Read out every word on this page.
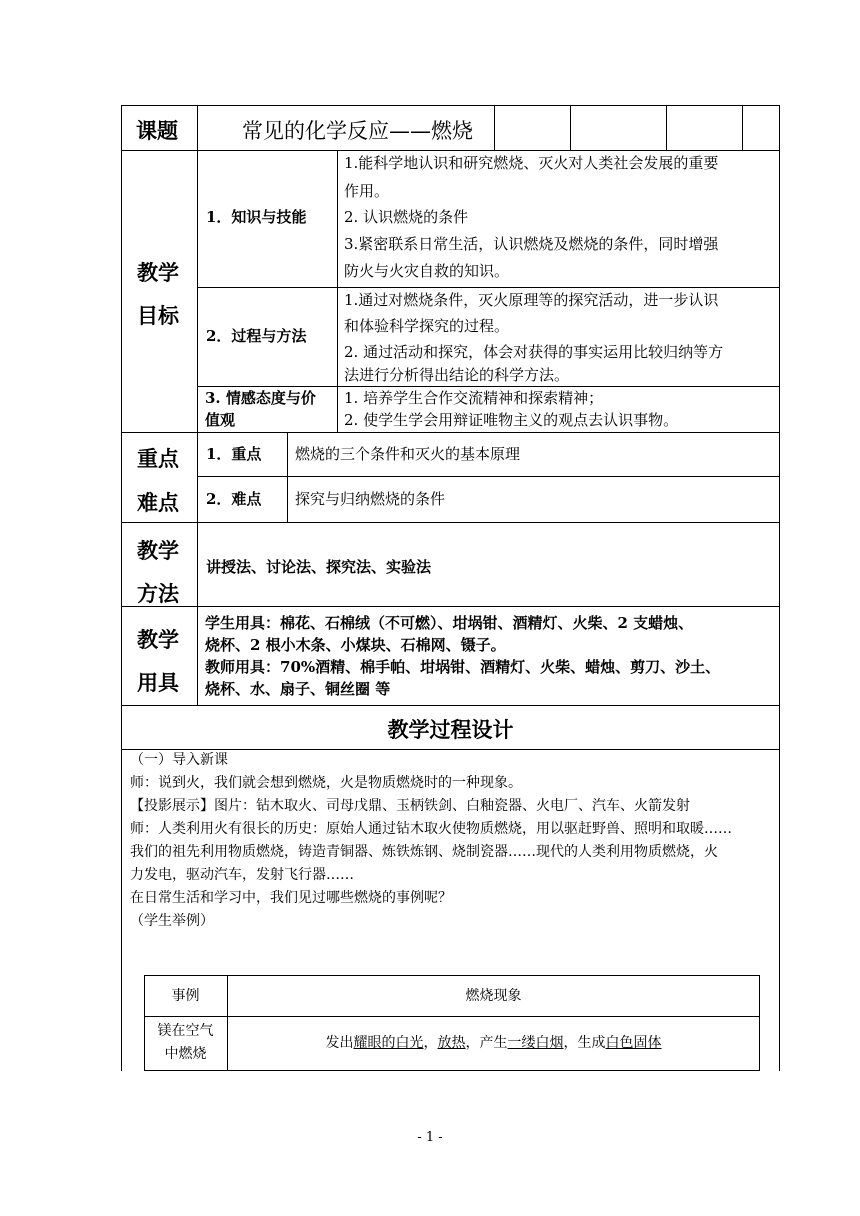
课题	常见的化学反应——燃烧
教学
目标
1．知识与技能
1.能科学地认识和研究燃烧、灭火对人类社会发展的重要
作用。
2. 认识燃烧的条件
3.紧密联系日常生活，认识燃烧及燃烧的条件，同时增强
防火与火灾自救的知识。
2．过程与方法
1.通过对燃烧条件，灭火原理等的探究活动，进一步认识
和体验科学探究的过程。
2. 通过活动和探究，体会对获得的事实运用比较归纳等方
法进行分析得出结论的科学方法。
3. 情感态度与价
值观
1. 培养学生合作交流精神和探索精神；
2. 使学生学会用辩证唯物主义的观点去认识事物。
重点
难点
1．重点 燃烧的三个条件和灭火的基本原理
2．难点 探究与归纳燃烧的条件
教学
方法
讲授法、讨论法、探究法、实验法
教学
用具
学生用具：棉花、石棉绒（不可燃）、坩埚钳、酒精灯、火柴、2 支蜡烛、
烧杯、2 根小木条、小煤块、石棉网、镊子。
教师用具：70%酒精、棉手帕、坩埚钳、酒精灯、火柴、蜡烛、剪刀、沙土、
烧杯、水、扇子、铜丝圈 等
教学过程设计
（一）导入新课
师：说到火，我们就会想到燃烧，火是物质燃烧时的一种现象。
【投影展示】图片：钻木取火、司母戊鼎、玉柄铁剑、白釉瓷器、火电厂、汽车、火箭发射
师：人类利用火有很长的历史：原始人通过钻木取火使物质燃烧，用以驱赶野兽、照明和取暖……
我们的祖先利用物质燃烧，铸造青铜器、炼铁炼钢、烧制瓷器……现代的人类利用物质燃烧，火
力发电，驱动汽车，发射飞行器……
在日常生活和学习中，我们见过哪些燃烧的事例呢？
（学生举例）
事例	燃烧现象
镁在空气
中燃烧
发出耀眼的白光，放热，产生一缕白烟，生成白色固体
- 1 -
